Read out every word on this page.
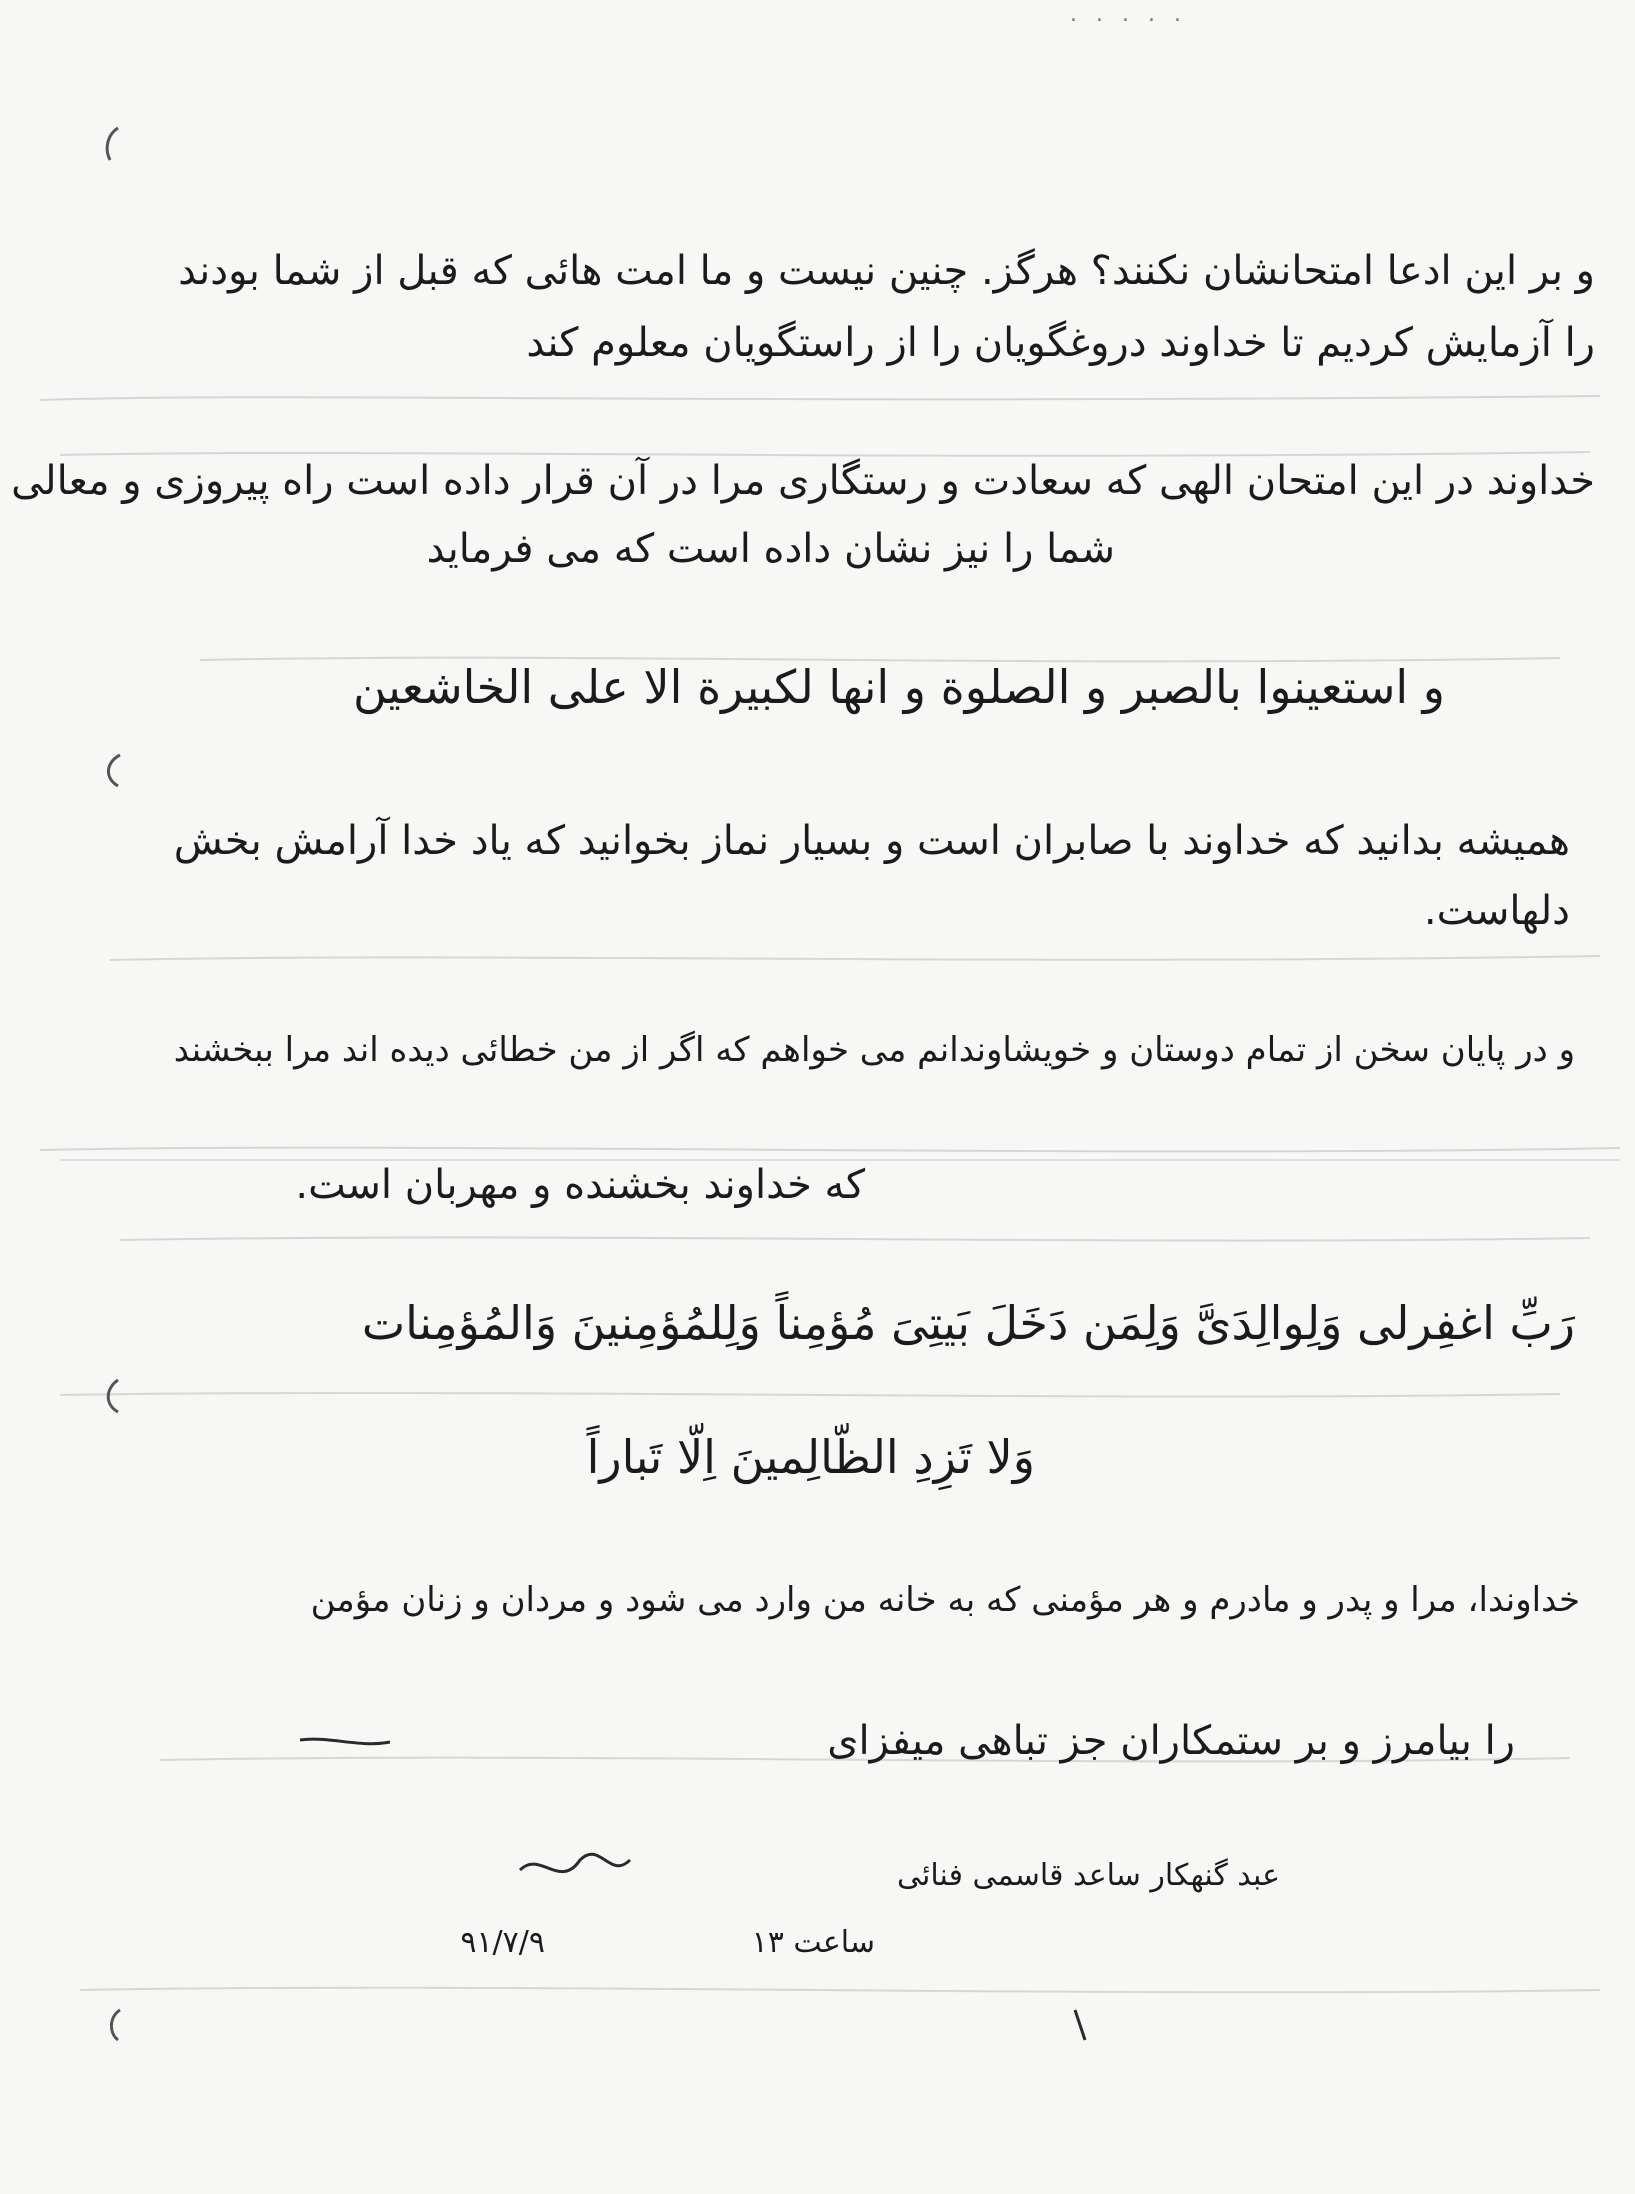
. . . . .
و بر این ادعا امتحانشان نکنند؟ هرگز. چنین نیست و ما امت هائی که قبل از شما بودند
را آزمایش کردیم تا خداوند دروغگویان را از راستگویان معلوم کند
خداوند در این امتحان الهی که سعادت و رستگاری مرا در آن قرار داده است راه پیروزی و معالی
شما را نیز نشان داده است که می فرماید
و استعینوا بالصبر و الصلوة و انها لکبیرة الا علی الخاشعین
همیشه بدانید که خداوند با صابران است و بسیار نماز بخوانید که یاد خدا آرامش بخش
دلهاست.
و در پایان سخن از تمام دوستان و خویشاوندانم می خواهم که اگر از من خطائی دیده اند مرا ببخشند
که خداوند بخشنده و مهربان است.
رَبِّ اغفِرلی وَلِوالِدَیَّ وَلِمَن دَخَلَ بَیتِیَ مُؤمِناً وَلِلمُؤمِنینَ وَالمُؤمِنات
وَلا تَزِدِ الظّالِمینَ اِلّا تَباراً
خداوندا، مرا و پدر و مادرم و هر مؤمنی که به خانه من وارد می شود و مردان و زنان مؤمن
را بیامرز و بر ستمکاران جز تباهی میفزای
عبد گنهکار ساعد قاسمی فنائی
۹۱/۷/۹	ساعت ۱۳
